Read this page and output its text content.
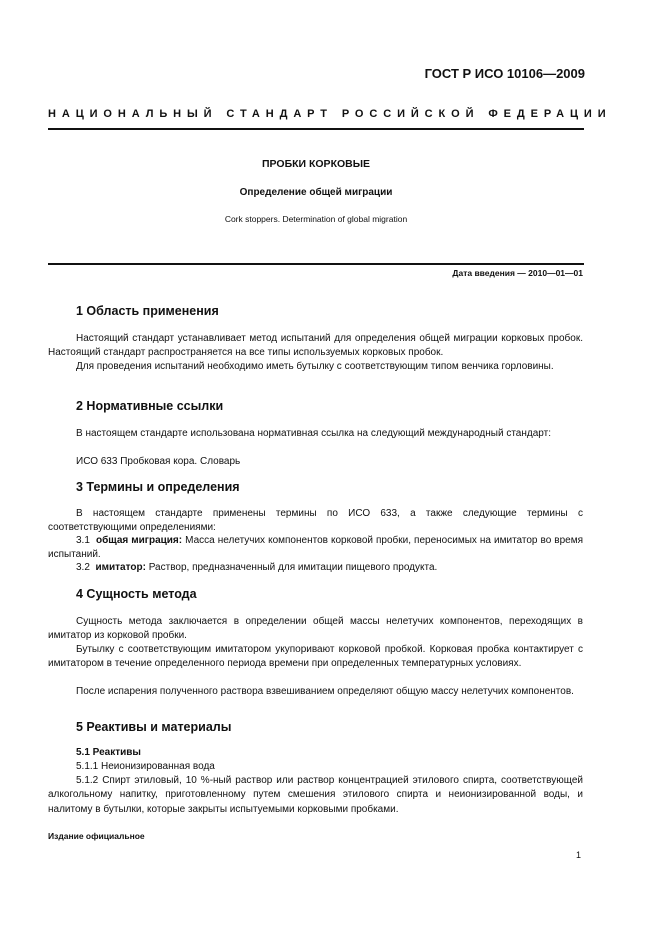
ГОСТ Р ИСО 10106—2009
НАЦИОНАЛЬНЫЙ СТАНДАРТ РОССИЙСКОЙ ФЕДЕРАЦИИ
ПРОБКИ КОРКОВЫЕ
Определение общей миграции
Cork stoppers. Determination of global migration
Дата введения — 2010—01—01
1 Область применения
Настоящий стандарт устанавливает метод испытаний для определения общей миграции корковых пробок. Настоящий стандарт распространяется на все типы используемых корковых пробок.
Для проведения испытаний необходимо иметь бутылку с соответствующим типом венчика горловины.
2 Нормативные ссылки
В настоящем стандарте использована нормативная ссылка на следующий международный стандарт:
ИСО 633 Пробковая кора. Словарь
3 Термины и определения
В настоящем стандарте применены термины по ИСО 633, а также следующие термины с соответствующими определениями:
3.1 общая миграция: Масса нелетучих компонентов корковой пробки, переносимых на имитатор во время испытаний.
3.2 имитатор: Раствор, предназначенный для имитации пищевого продукта.
4 Сущность метода
Сущность метода заключается в определении общей массы нелетучих компонентов, переходящих в имитатор из корковой пробки.
Бутылку с соответствующим имитатором укупоривают корковой пробкой. Корковая пробка контактирует с имитатором в течение определенного периода времени при определенных температурных условиях.
После испарения полученного раствора взвешиванием определяют общую массу нелетучих компонентов.
5 Реактивы и материалы
5.1 Реактивы
5.1.1 Неионизированная вода
5.1.2 Спирт этиловый, 10 %-ный раствор или раствор концентрацией этилового спирта, соответствующей алкогольному напитку, приготовленному путем смешения этилового спирта и неионизированной воды, и налитому в бутылки, которые закрыты испытуемыми корковыми пробками.
Издание официальное
1
